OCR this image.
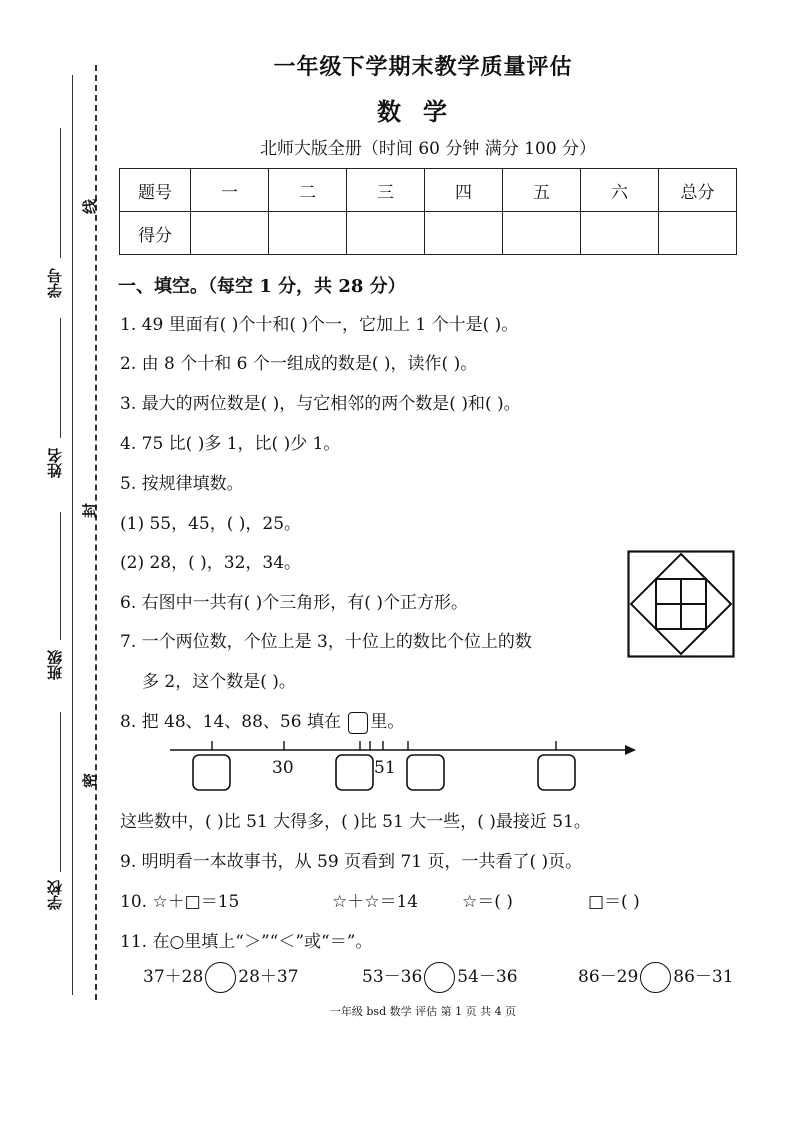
学号
姓名
班级
学校
线
封
密
一年级下学期末教学质量评估
数学
北师大版全册（时间 60 分钟 满分 100 分）
题号	一	二	三	四	五	六	总分
得分							
一、填空。（每空 1 分，共 28 分）
1. 49 里面有( )个十和( )个一，它加上 1 个十是( )。
2. 由 8 个十和 6 个一组成的数是( )，读作( )。
3. 最大的两位数是( )，与它相邻的两个数是( )和( )。
4. 75 比( )多 1，比( )少 1。
5. 按规律填数。
(1) 55，45，( )，25。
(2) 28，( )，32，34。
6. 右图中一共有( )个三角形，有( )个正方形。
7. 一个两位数，个位上是 3，十位上的数比个位上的数
多 2，这个数是( )。
8. 把 48、14、88、56 填在 里。
30	51
这些数中，( )比 51 大得多，( )比 51 大一些，( )最接近 51。
9. 明明看一本故事书，从 59 页看到 71 页，一共看了( )页。
10. ☆＋□＝15	☆＋☆＝14	☆＝( )	□＝( )
11. 在○里填上“＞”“＜”或“＝”。
37＋28 28＋37	53－36 54－36	86－29 86－31
一年级 bsd 数学 评估 第 1 页 共 4 页
